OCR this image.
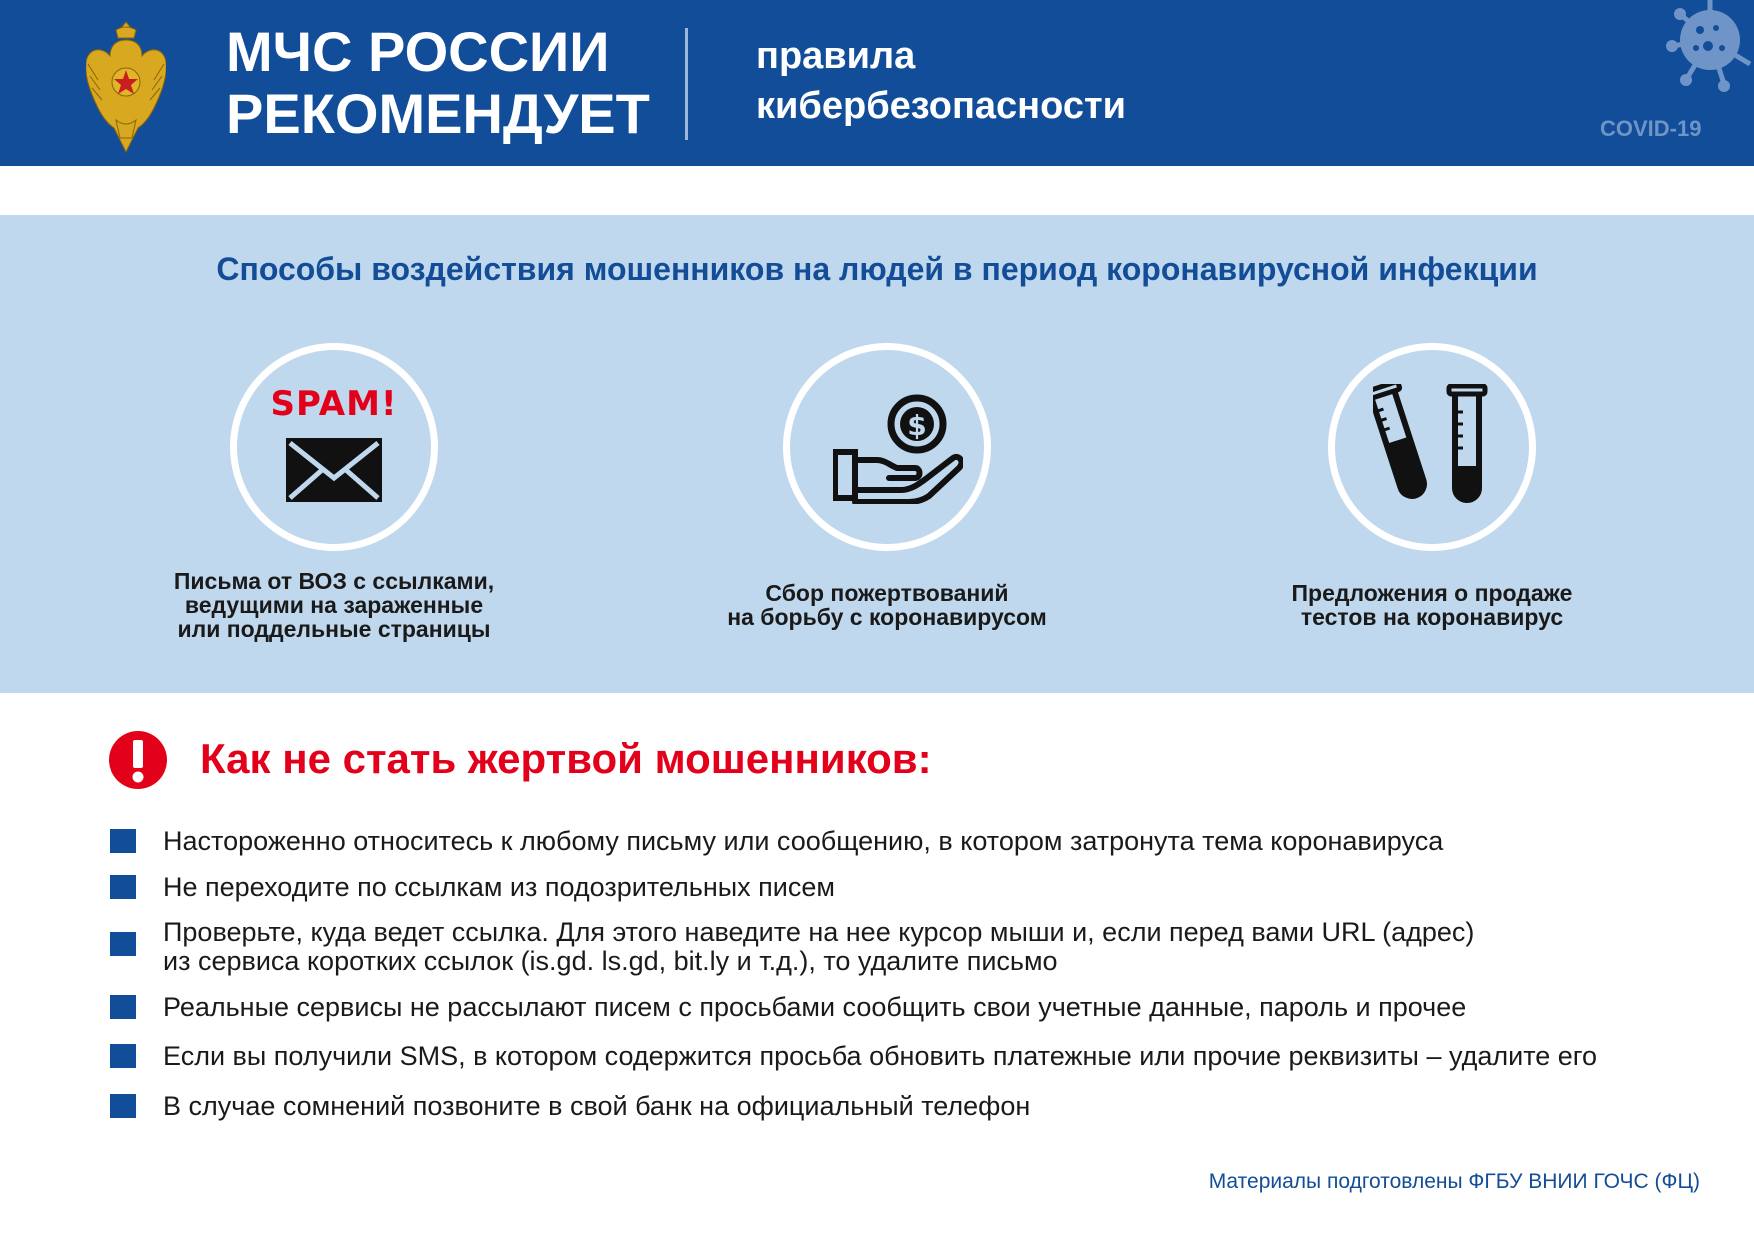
МЧС РОССИИ
РЕКОМЕНДУЕТ
правила
кибербезопасности
COVID-19
Способы воздействия мошенников на людей в период коронавирусной инфекции
SPAM!
Письма от ВОЗ с ссылками,
ведущими на зараженные
или поддельные страницы
$
Сбор пожертвований
на борьбу с коронавирусом
Предложения о продаже
тестов на коронавирус
Как не стать жертвой мошенников:
Настороженно относитесь к любому письму или сообщению, в котором затронута тема коронавируса
Не переходите по ссылкам из подозрительных писем
Проверьте, куда ведет ссылка. Для этого наведите на нее курсор мыши и, если перед вами URL (адрес)
из сервиса коротких ссылок (is.gd. ls.gd, bit.ly и т.д.), то удалите письмо
Реальные сервисы не рассылают писем с просьбами сообщить свои учетные данные, пароль и прочее
Если вы получили SMS, в котором содержится просьба обновить платежные или прочие реквизиты – удалите его
В случае сомнений позвоните в свой банк на официальный телефон
Материалы подготовлены ФГБУ ВНИИ ГОЧС (ФЦ)
